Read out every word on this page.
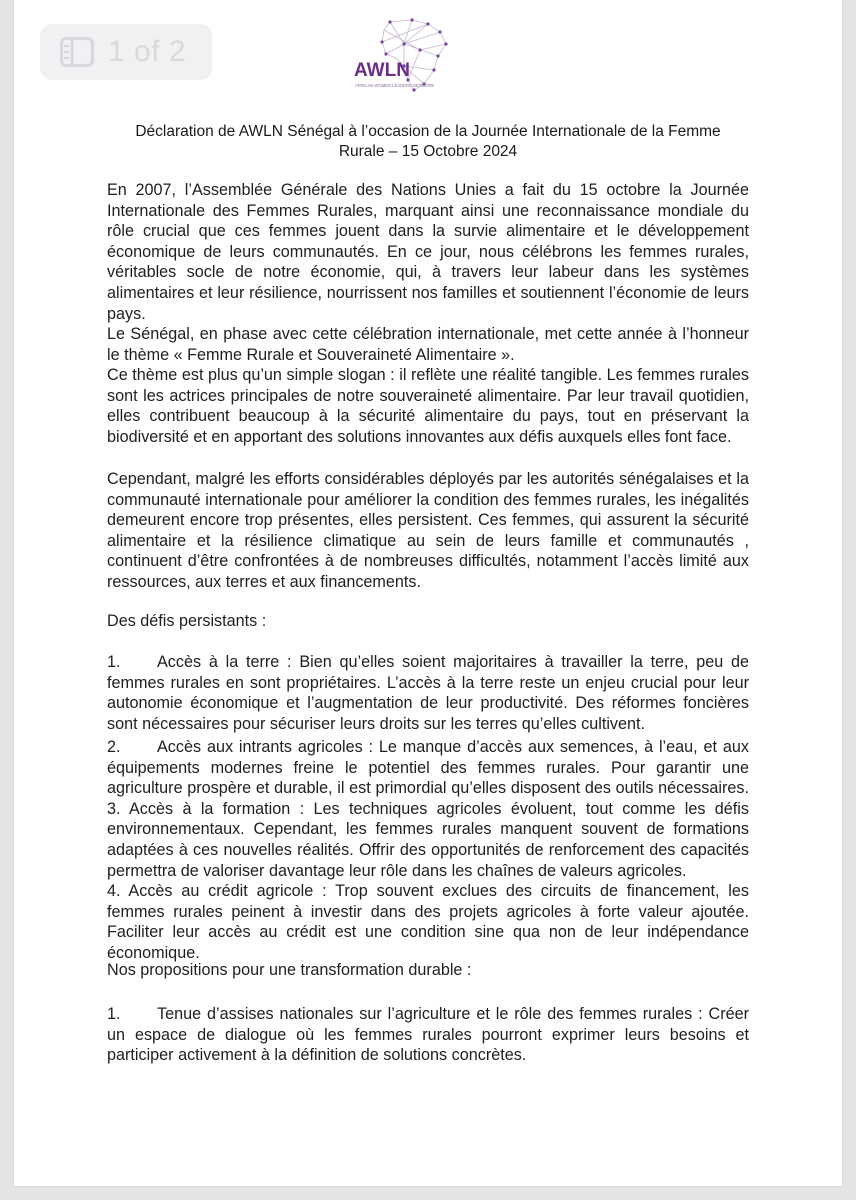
1 of 2
AWLN
AFRICAN WOMEN LEADERS NETWORK
Déclaration de AWLN Sénégal à l’occasion de la Journée Internationale de la Femme
Rurale – 15 Octobre 2024

En 2007, l’Assemblée Générale des Nations Unies a fait du 15 octobre la Journée Internationale des Femmes Rurales, marquant ainsi une reconnaissance mondiale du rôle crucial que ces femmes jouent dans la survie alimentaire et le développement économique de leurs communautés. En ce jour, nous célébrons les femmes rurales, véritables socle de notre économie, qui, à travers leur labeur dans les systèmes alimentaires et leur résilience, nourrissent nos familles et soutiennent l’économie de leurs pays.

Le Sénégal, en phase avec cette célébration internationale, met cette année à l’honneur le thème « Femme Rurale et Souveraineté Alimentaire ».
Ce thème est plus qu’un simple slogan : il reflète une réalité tangible. Les femmes rurales sont les actrices principales de notre souveraineté alimentaire. Par leur travail quotidien, elles contribuent beaucoup à la sécurité alimentaire du pays, tout en préservant la biodiversité et en apportant des solutions innovantes aux défis auxquels elles font face.

Cependant, malgré les efforts considérables déployés par les autorités sénégalaises et la communauté internationale pour améliorer la condition des femmes rurales, les inégalités demeurent encore trop présentes, elles persistent. Ces femmes, qui assurent la sécurité alimentaire et la résilience climatique au sein de leurs famille et communautés , continuent d’être confrontées à de nombreuses difficultés, notamment l’accès limité aux ressources, aux terres et aux financements.

Des défis persistants :

1. Accès à la terre : Bien qu’elles soient majoritaires à travailler la terre, peu de femmes rurales en sont propriétaires. L’accès à la terre reste un enjeu crucial pour leur autonomie économique et l’augmentation de leur productivité. Des réformes foncières sont nécessaires pour sécuriser leurs droits sur les terres qu’elles cultivent.

2. Accès aux intrants agricoles : Le manque d’accès aux semences, à l’eau, et aux équipements modernes freine le potentiel des femmes rurales. Pour garantir une agriculture prospère et durable, il est primordial qu’elles disposent des outils nécessaires. 3. Accès à la formation : Les techniques agricoles évoluent, tout comme les défis environnementaux. Cependant, les femmes rurales manquent souvent de formations adaptées à ces nouvelles réalités. Offrir des opportunités de renforcement des capacités permettra de valoriser davantage leur rôle dans les chaînes de valeurs agricoles.
4. Accès au crédit agricole : Trop souvent exclues des circuits de financement, les femmes rurales peinent à investir dans des projets agricoles à forte valeur ajoutée. Faciliter leur accès au crédit est une condition sine qua non de leur indépendance économique.

Nos propositions pour une transformation durable :

1. Tenue d’assises nationales sur l’agriculture et le rôle des femmes rurales : Créer un espace de dialogue où les femmes rurales pourront exprimer leurs besoins et participer activement à la définition de solutions concrètes.
